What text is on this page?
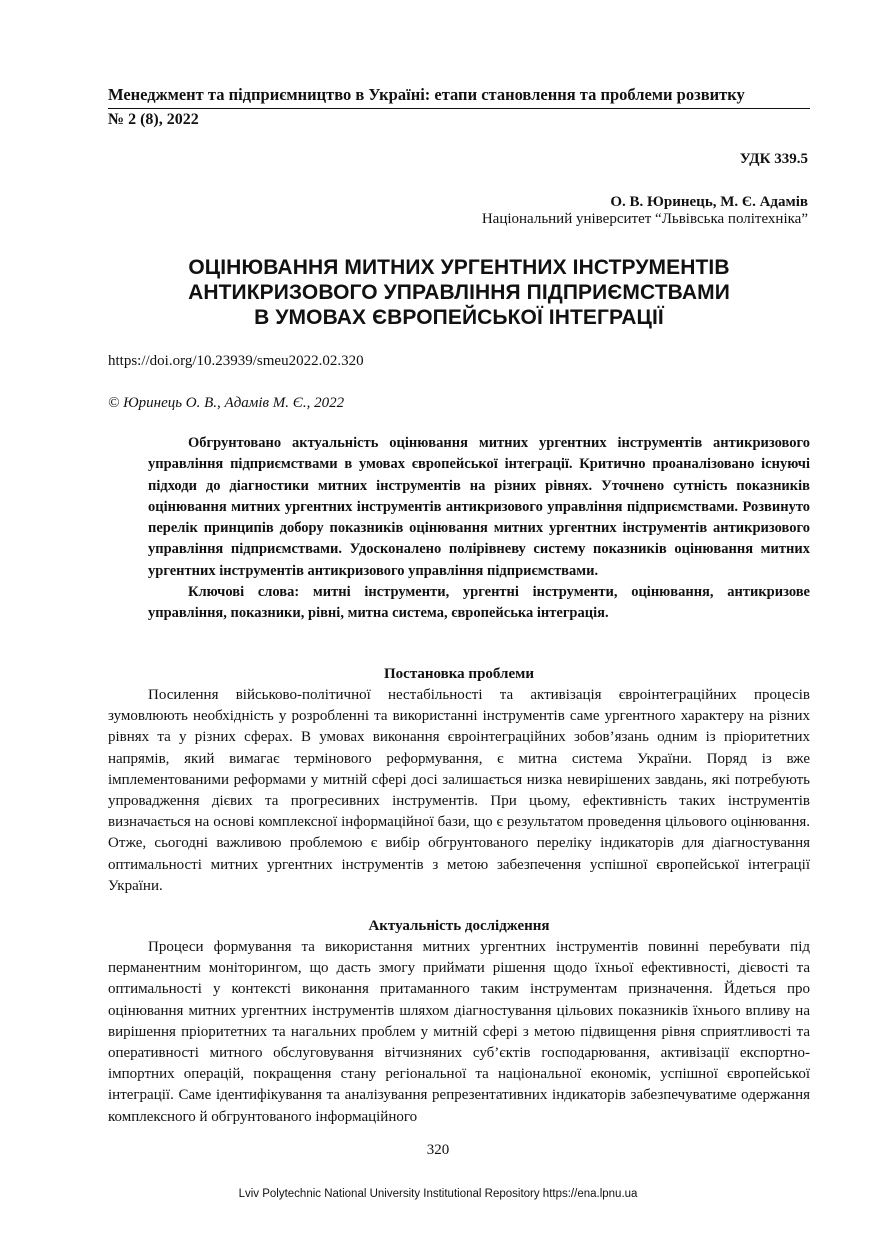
Менеджмент та підприємництво в Україні: етапи становлення та проблеми розвитку
№ 2 (8), 2022
УДК 339.5
О. В. Юринець, М. Є. Адамів
Національний університет “Львівська політехніка”
ОЦІНЮВАННЯ МИТНИХ УРГЕНТНИХ ІНСТРУМЕНТІВ
АНТИКРИЗОВОГО УПРАВЛІННЯ ПІДПРИЄМСТВАМИ
В УМОВАХ ЄВРОПЕЙСЬКОЇ ІНТЕГРАЦІЇ
https://doi.org/10.23939/smeu2022.02.320
© Юринець О. В., Адамів М. Є., 2022

Обгрунтовано актуальність оцінювання митних ургентних інструментів антикризового управління підприємствами в умовах європейської інтеграції. Критично проаналізовано існуючі підходи до діагностики митних інструментів на різних рівнях. Уточнено сутність показників оцінювання митних ургентних інструментів антикризового управління підприємствами. Розвинуто перелік принципів добору показників оцінювання митних ургентних інструментів антикризового управління підприємствами. Удосконалено полірівневу систему показників оцінювання митних ургентних інструментів антикризового управління підприємствами.

Ключові слова: митні інструменти, ургентні інструменти, оцінювання, антикризове управління, показники, рівні, митна система, європейська інтеграція.

Постановка проблеми

Посилення військово-політичної нестабільності та активізація євроінтеграційних процесів зумовлюють необхідність у розробленні та використанні інструментів саме ургентного характеру на різних рівнях та у різних сферах. В умовах виконання євроінтеграційних зобов’язань одним із пріоритетних напрямів, який вимагає термінового реформування, є митна система України. Поряд із вже імплементованими реформами у митній сфері досі залишається низка невирішених завдань, які потребують упровадження дієвих та прогресивних інструментів. При цьому, ефективність таких інструментів визначається на основі комплексної інформаційної бази, що є результатом проведення цільового оцінювання. Отже, сьогодні важливою проблемою є вибір обгрунтованого переліку індикаторів для діагностування оптимальності митних ургентних інструментів з метою забезпечення успішної європейської інтеграції України.

Актуальність дослідження

Процеси формування та використання митних ургентних інструментів повинні перебувати під перманентним моніторингом, що дасть змогу приймати рішення щодо їхньої ефективності, дієвості та оптимальності у контексті виконання притаманного таким інструментам призначення. Йдеться про оцінювання митних ургентних інструментів шляхом діагностування цільових показників їхнього впливу на вирішення пріоритетних та нагальних проблем у митній сфері з метою підвищення рівня сприятливості та оперативності митного обслуговування вітчизняних суб’єктів господарювання, активізації експортно-імпортних операцій, покращення стану регіональної та національної економік, успішної європейської інтеграції. Саме ідентифікування та аналізування репрезентативних індикаторів забезпечуватиме одержання комплексного й обгрунтованого інформаційного

320
Lviv Polytechnic National University Institutional Repository https://ena.lpnu.ua
